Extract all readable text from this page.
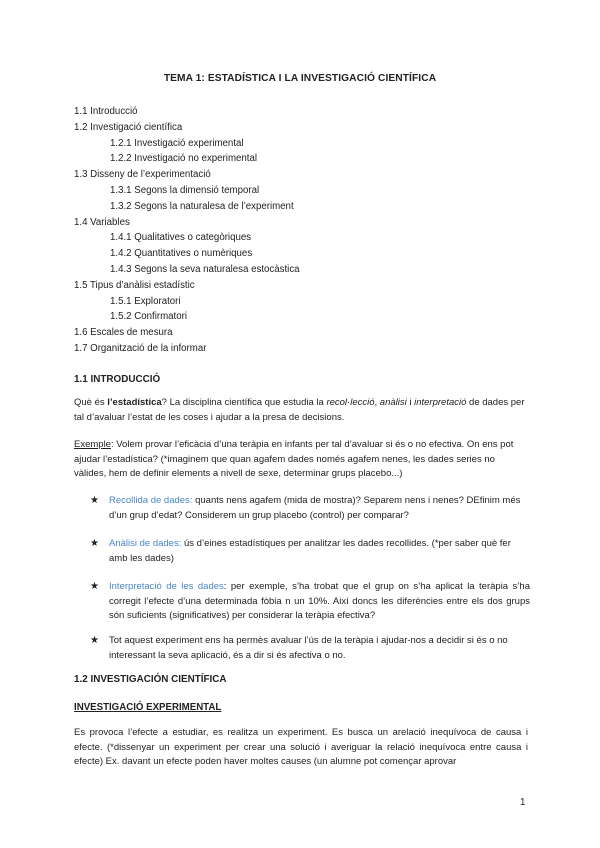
TEMA 1: ESTADÍSTICA I LA INVESTIGACIÓ CIENTÍFICA
1.1 Introducció
1.2 Investigació científica
1.2.1 Investigació experimental
1.2.2 Investigació no experimental
1.3 Disseny de l’experimentació
1.3.1 Segons la dimensió temporal
1.3.2 Segons la naturalesa de l’experiment
1.4 Variables
1.4.1 Qualitatives o categòriques
1.4.2 Quantitatives o numèriques
1.4.3 Segons la seva naturalesa estocàstica
1.5 Tipus d’anàlisi estadístic
1.5.1 Exploratori
1.5.2 Confirmatori
1.6 Escales de mesura
1.7 Organització de la informar
1.1 INTRODUCCIÓ
Què és l’estadística? La disciplina científica que estudia la recol·lecció, anàlisi i interpretació de dades per tal d’avaluar l’estat de les coses i ajudar a la presa de decisions.
Exemple: Volem provar l’eficàcia d’una teràpia en infants per tal d’avaluar si és o no efectiva. On ens pot ajudar l’estadística? (*imaginem que quan agafem dades només agafem nenes, les dades series no vàlides, hem de definir elements a nivell de sexe, determinar grups placebo...)
★ Recollida de dades: quants nens agafem (mida de mostra)? Separem nens i nenes? DEfinim més d’un grup d’edat? Considerem un grup placebo (control) per comparar?
★ Anàlisi de dades: ús d’eines estadístiques per analitzar les dades recollides. (*per saber què fer amb les dades)
★ Interpretació de les dades: per exemple, s’ha trobat que el grup on s’ha aplicat la teràpia s’ha corregit l’efecte d’una determinada fòbia n un 10%. Així doncs les diferències entre els dos grups són suficients (significatives) per considerar la teràpia efectiva?
★ Tot aquest experiment ens ha permès avaluar l’ús de la teràpia i ajudar-nos a decidir si és o no interessant la seva aplicació, és a dir si és afectiva o no.
1.2 INVESTIGACIÓN CIENTÍFICA
INVESTIGACIÓ EXPERIMENTAL
Es provoca l’efecte a estudiar, es realitza un experiment. Es busca un arelació inequívoca de causa i efecte. (*dissenyar un experiment per crear una solució i averiguar la relació inequívoca entre causa i efecte) Ex. davant un efecte poden haver moltes causes (un alumne pot començar aprovar
1
